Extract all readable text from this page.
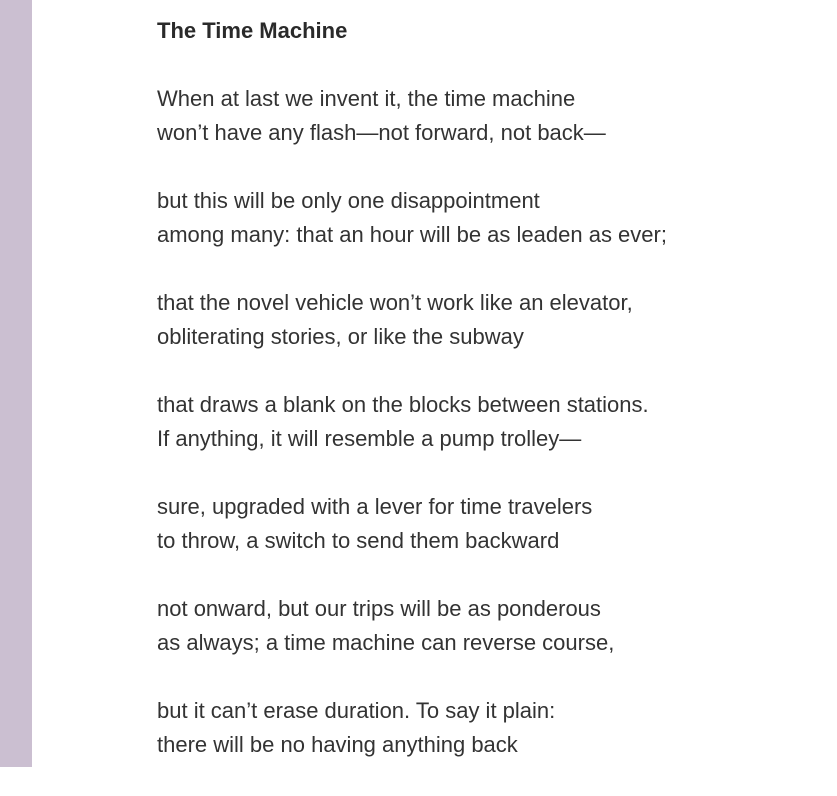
The Time Machine
When at last we invent it, the time machine
won’t have any flash—not forward, not back—
but this will be only one disappointment
among many: that an hour will be as leaden as ever;
that the novel vehicle won’t work like an elevator,
obliterating stories, or like the subway
that draws a blank on the blocks between stations.
If anything, it will resemble a pump trolley—
sure, upgraded with a lever for time travelers
to throw, a switch to send them backward
not onward, but our trips will be as ponderous
as always; a time machine can reverse course,
but it can’t erase duration. To say it plain:
there will be no having anything back
